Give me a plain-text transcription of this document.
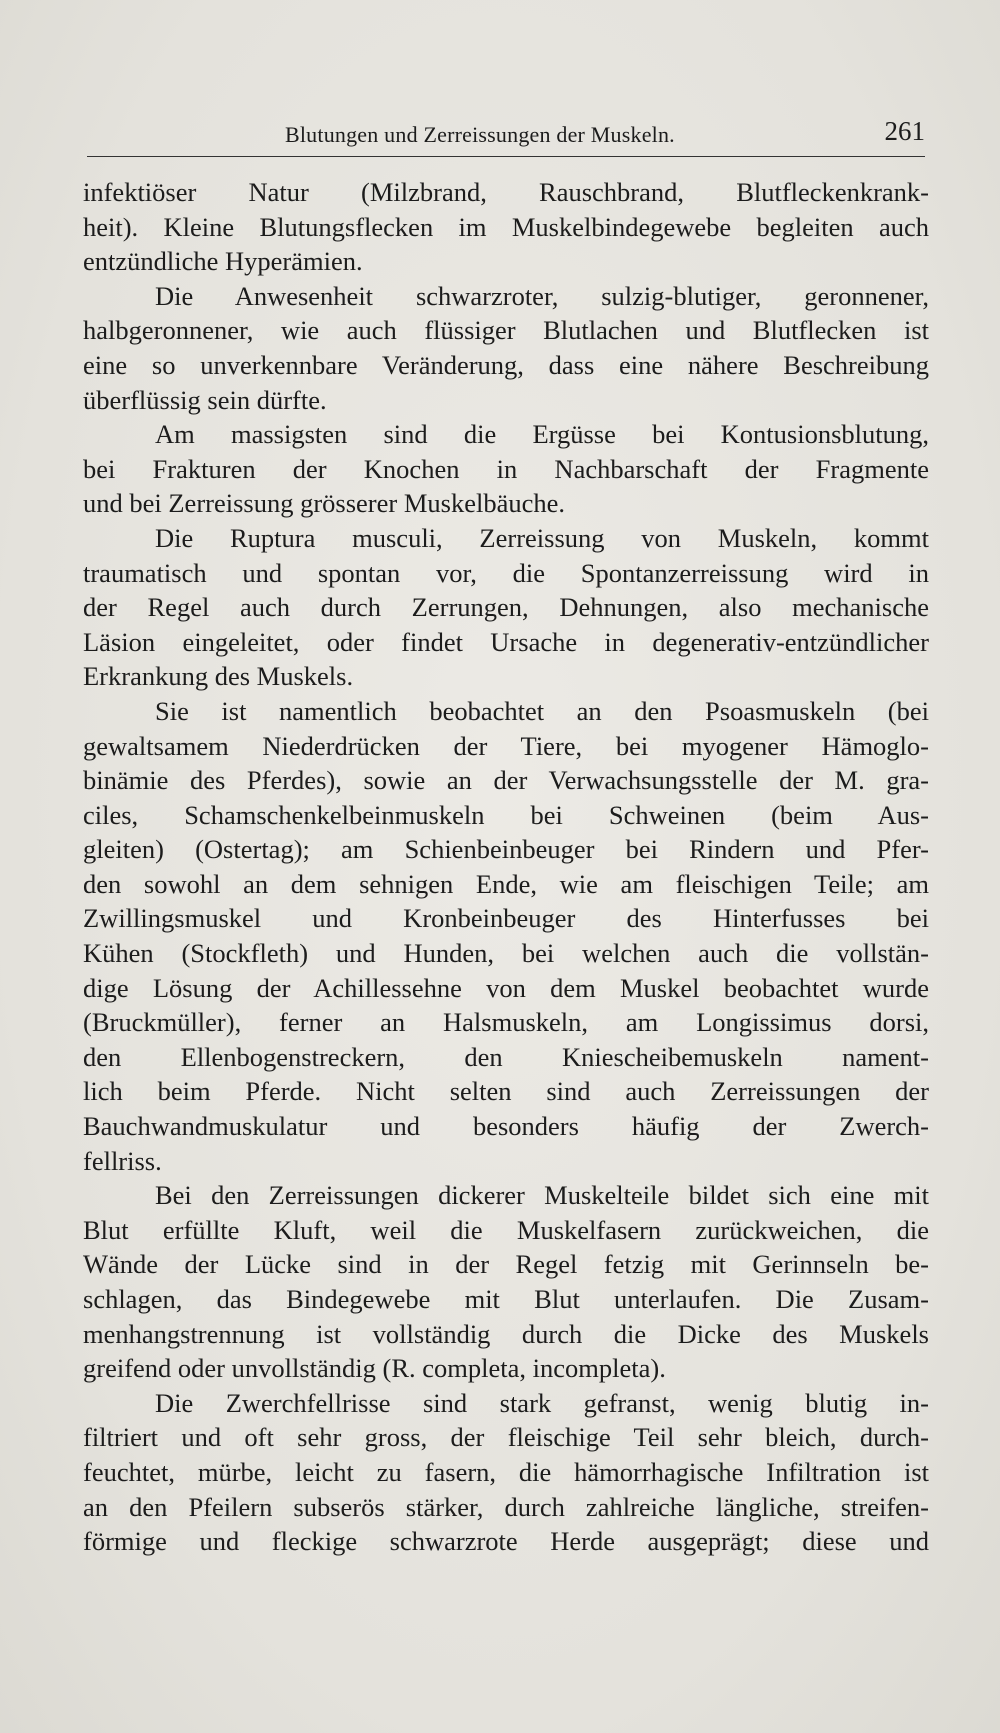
Blutungen und Zerreissungen der Muskeln.	261
infektiöser Natur (Milzbrand, Rauschbrand, Blutfleckenkrank-
heit). Kleine Blutungsflecken im Muskelbindegewebe begleiten auch
entzündliche Hyperämien.
Die Anwesenheit schwarzroter, sulzig-blutiger, geronnener,
halbgeronnener, wie auch flüssiger Blutlachen und Blutflecken ist
eine so unverkennbare Veränderung, dass eine nähere Beschreibung
überflüssig sein dürfte.
Am massigsten sind die Ergüsse bei Kontusionsblutung,
bei Frakturen der Knochen in Nachbarschaft der Fragmente
und bei Zerreissung grösserer Muskelbäuche.
Die Ruptura musculi, Zerreissung von Muskeln, kommt
traumatisch und spontan vor, die Spontanzerreissung wird in
der Regel auch durch Zerrungen, Dehnungen, also mechanische
Läsion eingeleitet, oder findet Ursache in degenerativ-entzündlicher
Erkrankung des Muskels.
Sie ist namentlich beobachtet an den Psoasmuskeln (bei
gewaltsamem Niederdrücken der Tiere, bei myogener Hämoglo-
binämie des Pferdes), sowie an der Verwachsungsstelle der M. gra-
ciles, Schamschenkelbeinmuskeln bei Schweinen (beim Aus-
gleiten) (Ostertag); am Schienbeinbeuger bei Rindern und Pfer-
den sowohl an dem sehnigen Ende, wie am fleischigen Teile; am
Zwillingsmuskel und Kronbeinbeuger des Hinterfusses bei
Kühen (Stockfleth) und Hunden, bei welchen auch die vollstän-
dige Lösung der Achillessehne von dem Muskel beobachtet wurde
(Bruckmüller), ferner an Halsmuskeln, am Longissimus dorsi,
den Ellenbogenstreckern, den Kniescheibemuskeln nament-
lich beim Pferde. Nicht selten sind auch Zerreissungen der
Bauchwandmuskulatur und besonders häufig der Zwerch-
fellriss.
Bei den Zerreissungen dickerer Muskelteile bildet sich eine mit
Blut erfüllte Kluft, weil die Muskelfasern zurückweichen, die
Wände der Lücke sind in der Regel fetzig mit Gerinnseln be-
schlagen, das Bindegewebe mit Blut unterlaufen. Die Zusam-
menhangstrennung ist vollständig durch die Dicke des Muskels
greifend oder unvollständig (R. completa, incompleta).
Die Zwerchfellrisse sind stark gefranst, wenig blutig in-
filtriert und oft sehr gross, der fleischige Teil sehr bleich, durch-
feuchtet, mürbe, leicht zu fasern, die hämorrhagische Infiltration ist
an den Pfeilern subserös stärker, durch zahlreiche längliche, streifen-
förmige und fleckige schwarzrote Herde ausgeprägt; diese und
